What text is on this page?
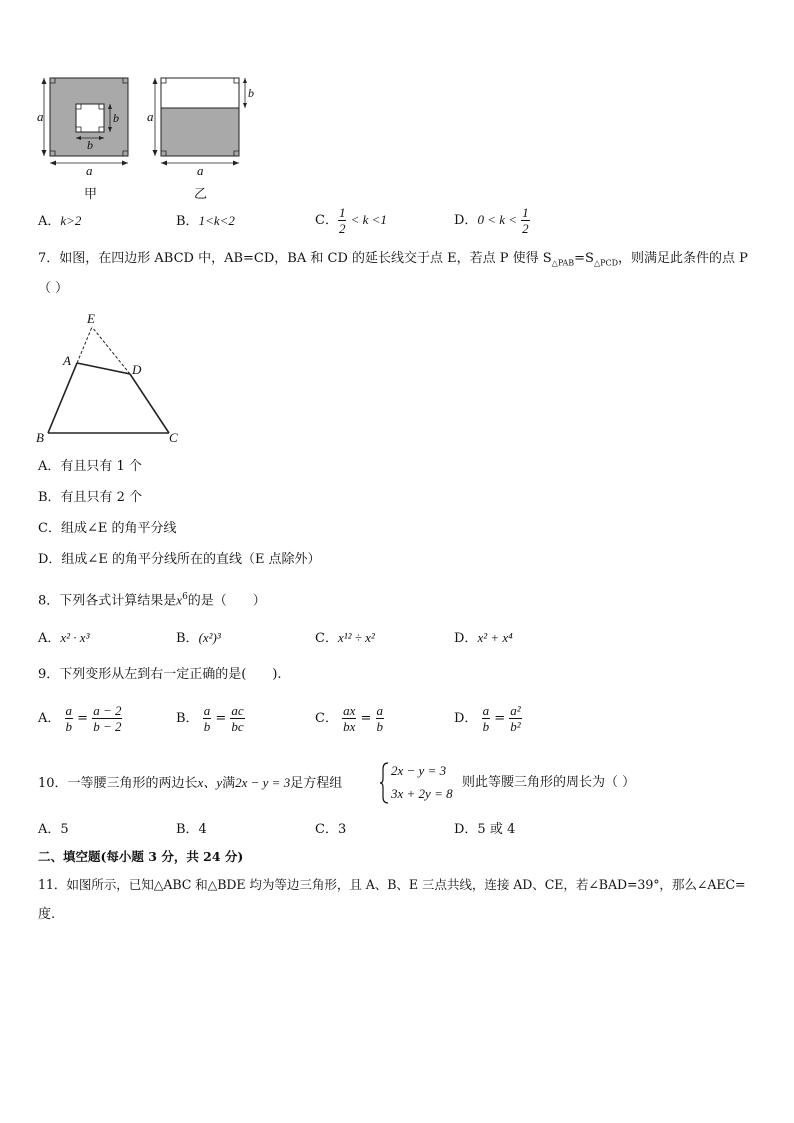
a
a
b
b
甲
a
a
b
乙
A．k>2	B．1<k<2	C． $\frac{1}{2} < k <1$	D．$0 < k < \frac{1}{2}$
7．如图，在四边形 ABCD 中，AB=CD，BA 和 CD 的延长线交于点 E，若点 P 使得 $S_{\triangle PAB}=S_{\triangle PCD}$，则满足此条件的点 P
（ ）
E
A
D
B	C
A．有且只有 1 个
B．有且只有 2 个
C．组成∠E 的角平分线
D．组成∠E 的角平分线所在的直线（E 点除外）
8．下列各式计算结果是$x^6$的是（　　）
A．x² · x³	B．(x²)³	C．x¹² ÷ x²	D．x² + x⁴
9．下列变形从左到右一定正确的是(　　).
A． $\frac{a}{b} = \frac{a - 2}{b - 2}$	B． $\frac{a}{b} = \frac{ac}{bc}$	C． $\frac{ax}{bx} = \frac{a}{b}$	D． $\frac{a}{b} = \frac{\text{a²}}{\text{b²}}$
10．一等腰三角形的两边长x、y满2x − y = 3足方程组
2x − y = 3
3x + 2y = 8
则此等腰三角形的周长为（ ）
A．5	B．4	C．3	D．5 或 4
二、填空题(每小题 3 分，共 24 分)
11．如图所示，已知△ABC 和△BDE 均为等边三角形，且 A、B、E 三点共线，连接 AD、CE，若∠BAD=39°，那么∠AEC=
度.
